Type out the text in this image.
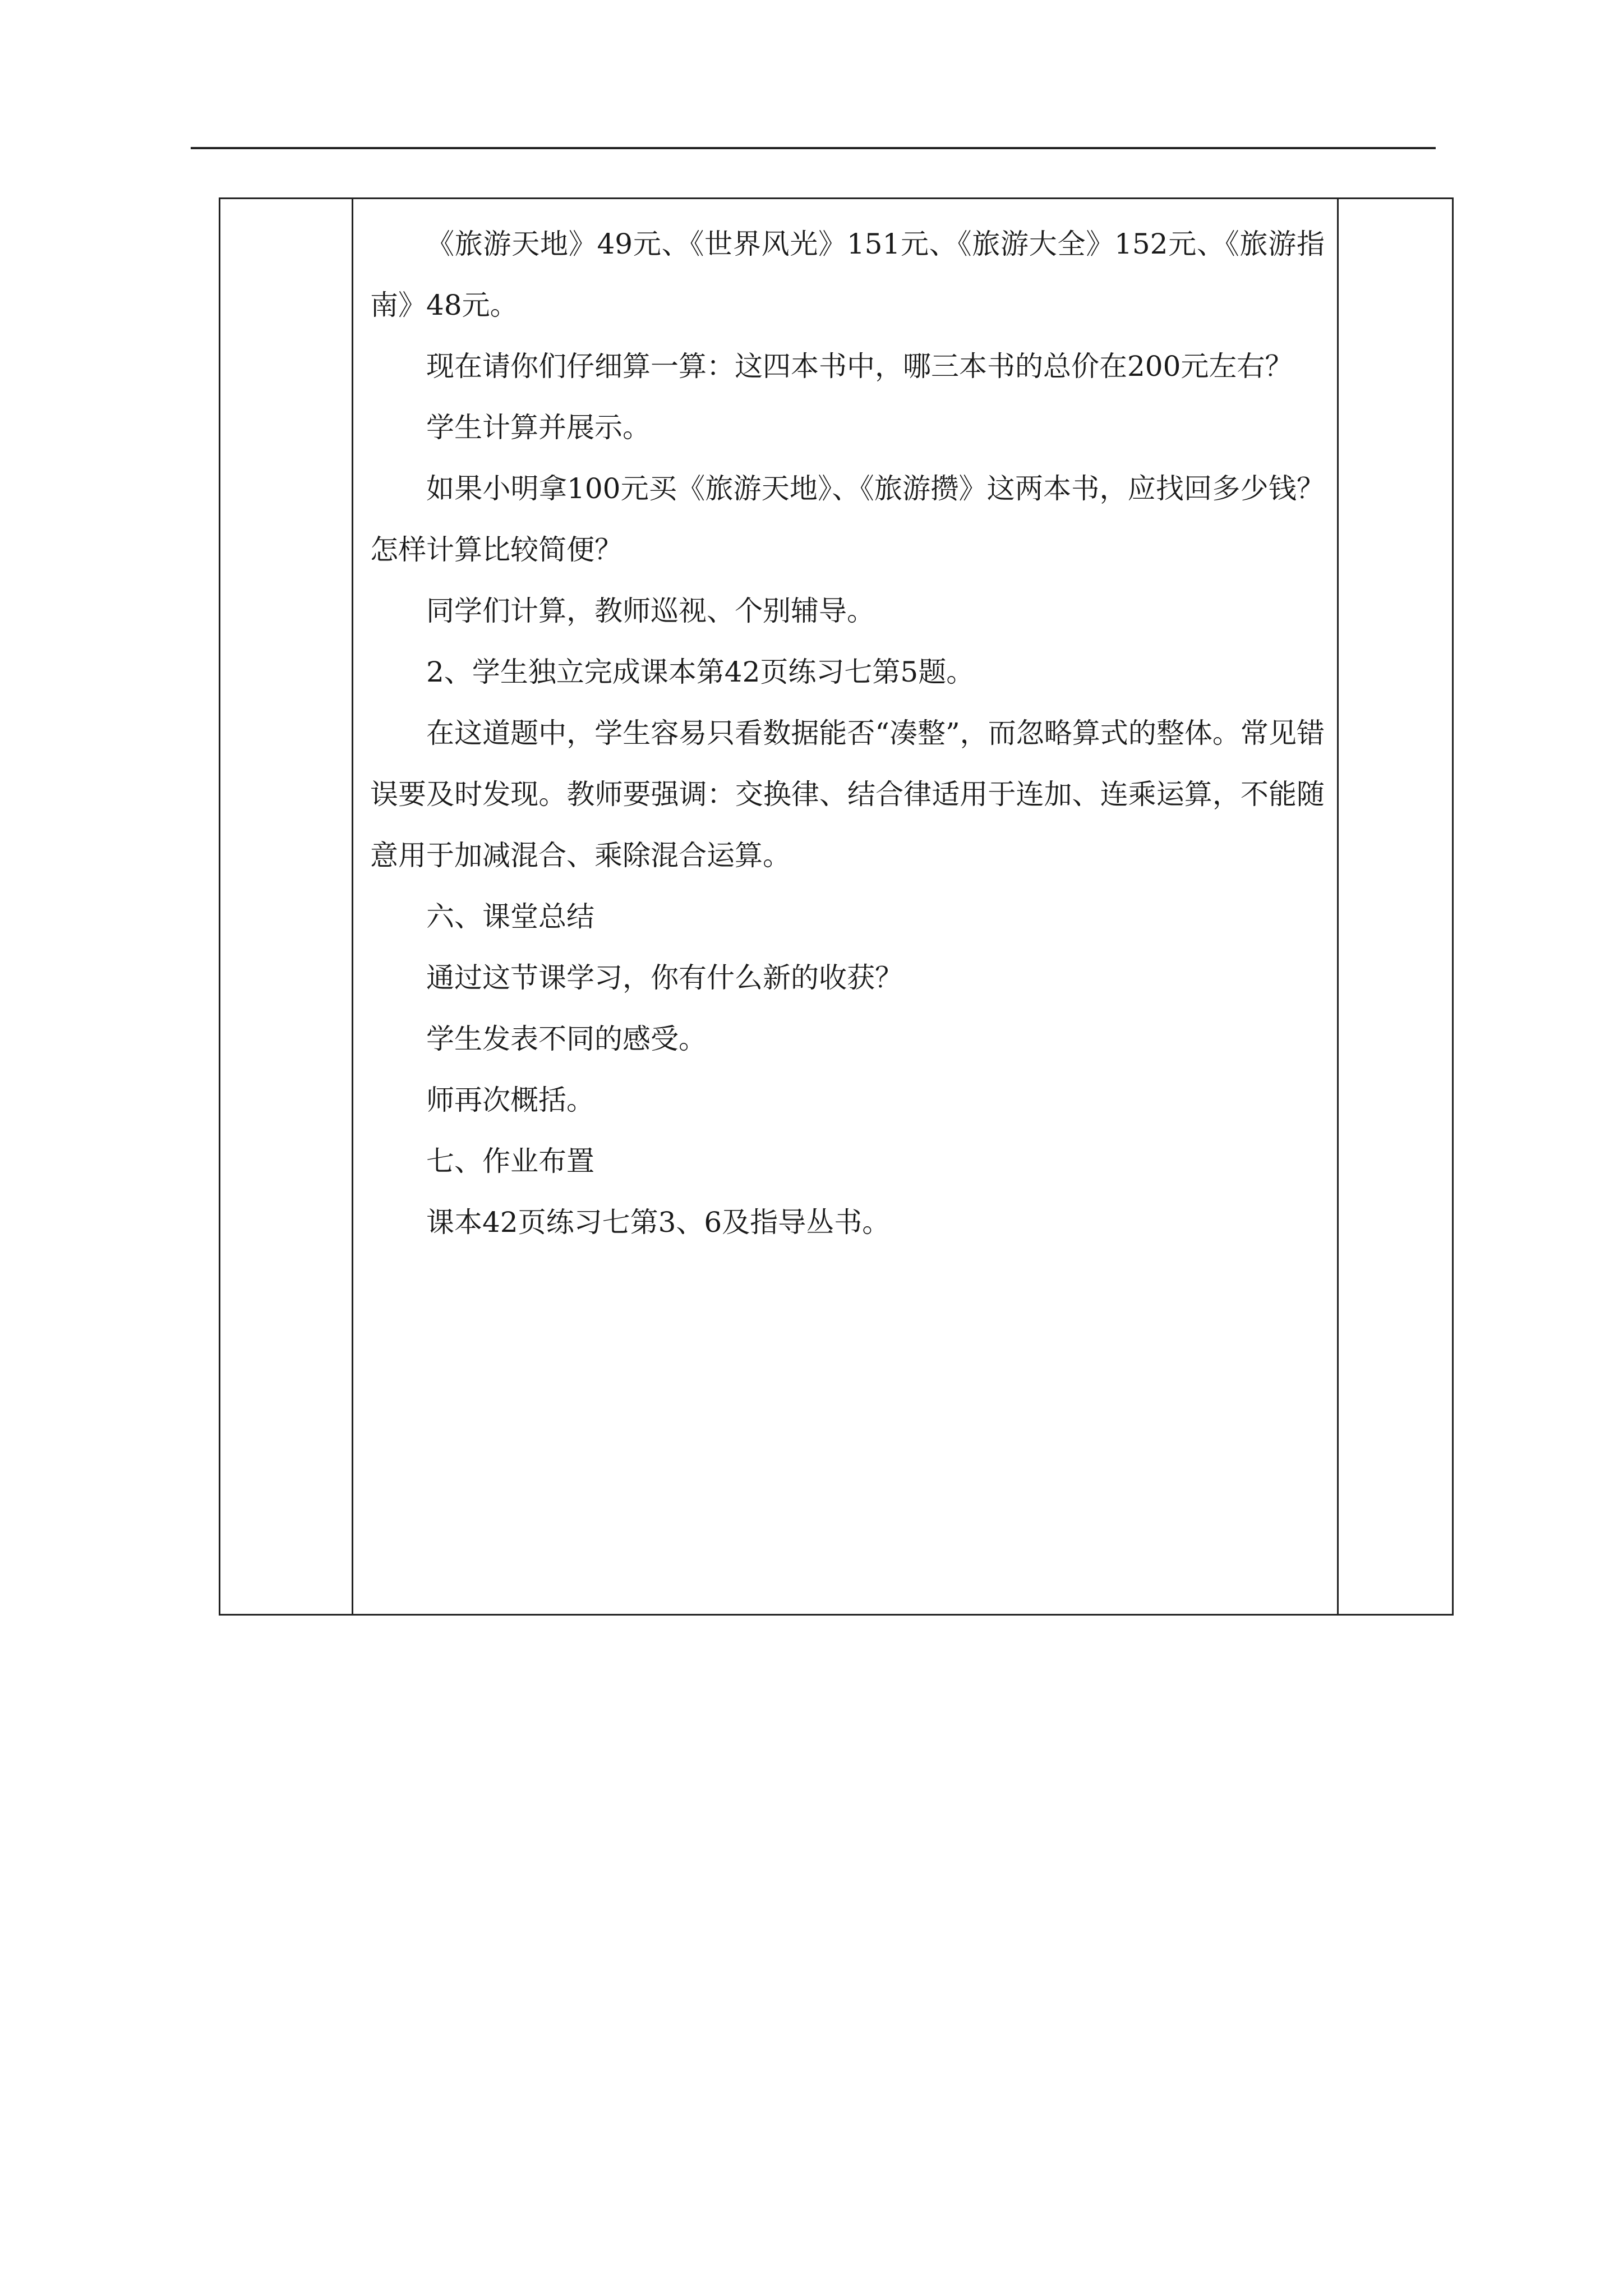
《旅游天地》49元、《世界风光》151元、《旅游大全》152元、《旅游指南》48元。

现在请你们仔细算一算：这四本书中，哪三本书的总价在200元左右？

学生计算并展示。

如果小明拿100元买《旅游天地》、《旅游攒》这两本书，应找回多少钱？怎样计算比较简便？

同学们计算，教师巡视、个别辅导。

2、学生独立完成课本第42页练习七第5题。

在这道题中，学生容易只看数据能否“凑整”，而忽略算式的整体。常见错误要及时发现。教师要强调：交换律、结合律适用于连加、连乘运算，不能随意用于加减混合、乘除混合运算。

六、课堂总结

通过这节课学习，你有什么新的收获？

学生发表不同的感受。

师再次概括。

七、作业布置

课本42页练习七第3、6及指导丛书。
